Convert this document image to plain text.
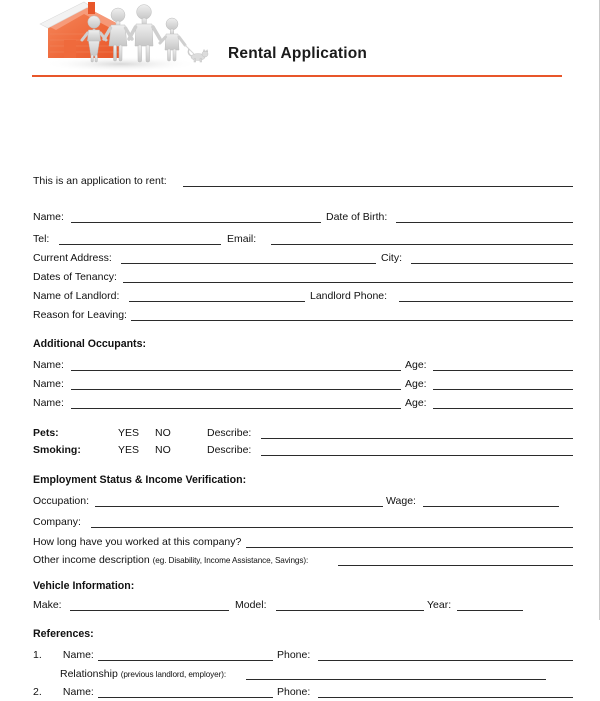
Rental Application
This is an application to rent:
Name:	Date of Birth:
Tel:	Email:
Current Address:	City:
Dates of Tenancy:
Name of Landlord:	Landlord Phone:
Reason for Leaving:
Additional Occupants:
Name:	Age:
Name:	Age:
Name:	Age:
Pets:	YES NO	Describe:
Smoking:	YES NO	Describe:
Employment Status & Income Verification:
Occupation:	Wage:
Company:
How long have you worked at this company?
Other income description (eg. Disability, Income Assistance, Savings):
Vehicle Information:
Make:	Model:	Year:
References:
1. Name:	Phone:
Relationship (previous landlord, employer):
2. Name:	Phone:
